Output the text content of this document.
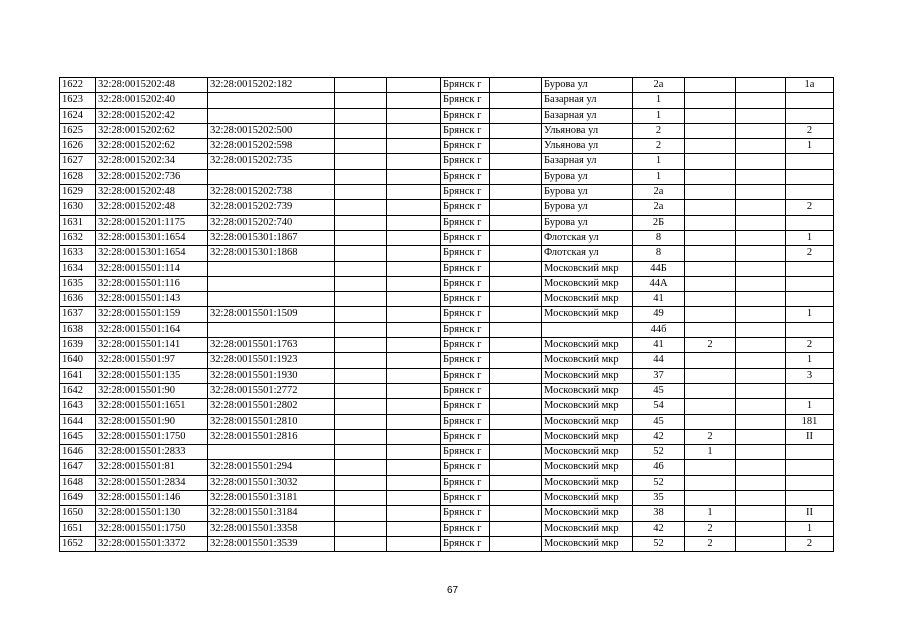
1622	32:28:0015202:48	32:28:0015202:182			Брянск г		Бурова ул	2а			1а
1623	32:28:0015202:40				Брянск г		Базарная ул	1			
1624	32:28:0015202:42				Брянск г		Базарная ул	1			
1625	32:28:0015202:62	32:28:0015202:500			Брянск г		Ульянова ул	2			2
1626	32:28:0015202:62	32:28:0015202:598			Брянск г		Ульянова ул	2			1
1627	32:28:0015202:34	32:28:0015202:735			Брянск г		Базарная ул	1			
1628	32:28:0015202:736				Брянск г		Бурова ул	1			
1629	32:28:0015202:48	32:28:0015202:738			Брянск г		Бурова ул	2а			
1630	32:28:0015202:48	32:28:0015202:739			Брянск г		Бурова ул	2а			2
1631	32:28:0015201:1175	32:28:0015202:740			Брянск г		Бурова ул	2Б			
1632	32:28:0015301:1654	32:28:0015301:1867			Брянск г		Флотская ул	8			1
1633	32:28:0015301:1654	32:28:0015301:1868			Брянск г		Флотская ул	8			2
1634	32:28:0015501:114				Брянск г		Московский мкр	44Б			
1635	32:28:0015501:116				Брянск г		Московский мкр	44А			
1636	32:28:0015501:143				Брянск г		Московский мкр	41			
1637	32:28:0015501:159	32:28:0015501:1509			Брянск г		Московский мкр	49			1
1638	32:28:0015501:164				Брянск г			44б			
1639	32:28:0015501:141	32:28:0015501:1763			Брянск г		Московский мкр	41	2		2
1640	32:28:0015501:97	32:28:0015501:1923			Брянск г		Московский мкр	44			1
1641	32:28:0015501:135	32:28:0015501:1930			Брянск г		Московский мкр	37			3
1642	32:28:0015501:90	32:28:0015501:2772			Брянск г		Московский мкр	45			
1643	32:28:0015501:1651	32:28:0015501:2802			Брянск г		Московский мкр	54			1
1644	32:28:0015501:90	32:28:0015501:2810			Брянск г		Московский мкр	45			181
1645	32:28:0015501:1750	32:28:0015501:2816			Брянск г		Московский мкр	42	2		II
1646	32:28:0015501:2833				Брянск г		Московский мкр	52	1		
1647	32:28:0015501:81	32:28:0015501:294			Брянск г		Московский мкр	46			
1648	32:28:0015501:2834	32:28:0015501:3032			Брянск г		Московский мкр	52			
1649	32:28:0015501:146	32:28:0015501:3181			Брянск г		Московский мкр	35			
1650	32:28:0015501:130	32:28:0015501:3184			Брянск г		Московский мкр	38	1		II
1651	32:28:0015501:1750	32:28:0015501:3358			Брянск г		Московский мкр	42	2		1
1652	32:28:0015501:3372	32:28:0015501:3539			Брянск г		Московский мкр	52	2		2
67
